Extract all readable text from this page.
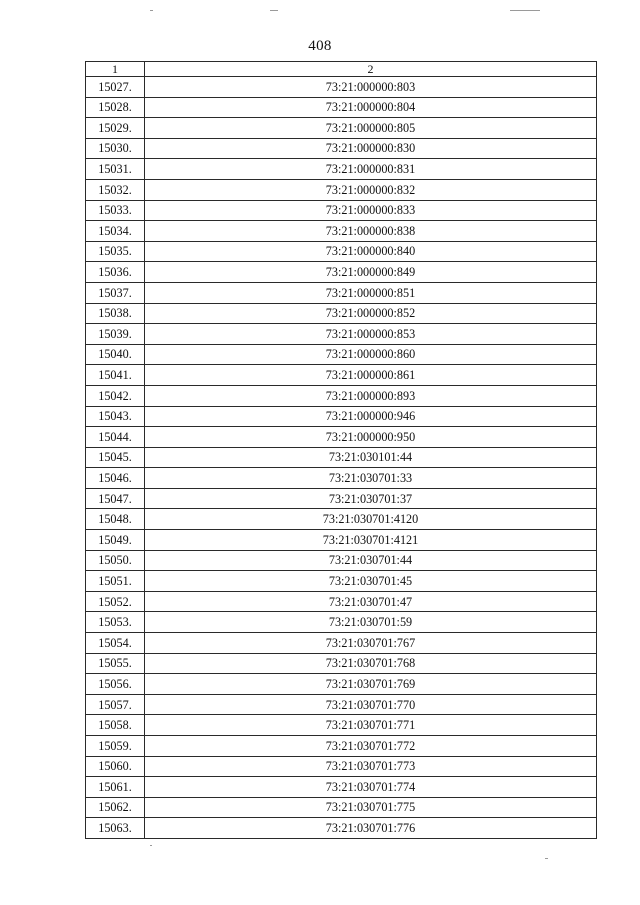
408
1	2
15027.	73:21:000000:803
15028.	73:21:000000:804
15029.	73:21:000000:805
15030.	73:21:000000:830
15031.	73:21:000000:831
15032.	73:21:000000:832
15033.	73:21:000000:833
15034.	73:21:000000:838
15035.	73:21:000000:840
15036.	73:21:000000:849
15037.	73:21:000000:851
15038.	73:21:000000:852
15039.	73:21:000000:853
15040.	73:21:000000:860
15041.	73:21:000000:861
15042.	73:21:000000:893
15043.	73:21:000000:946
15044.	73:21:000000:950
15045.	73:21:030101:44
15046.	73:21:030701:33
15047.	73:21:030701:37
15048.	73:21:030701:4120
15049.	73:21:030701:4121
15050.	73:21:030701:44
15051.	73:21:030701:45
15052.	73:21:030701:47
15053.	73:21:030701:59
15054.	73:21:030701:767
15055.	73:21:030701:768
15056.	73:21:030701:769
15057.	73:21:030701:770
15058.	73:21:030701:771
15059.	73:21:030701:772
15060.	73:21:030701:773
15061.	73:21:030701:774
15062.	73:21:030701:775
15063.	73:21:030701:776
